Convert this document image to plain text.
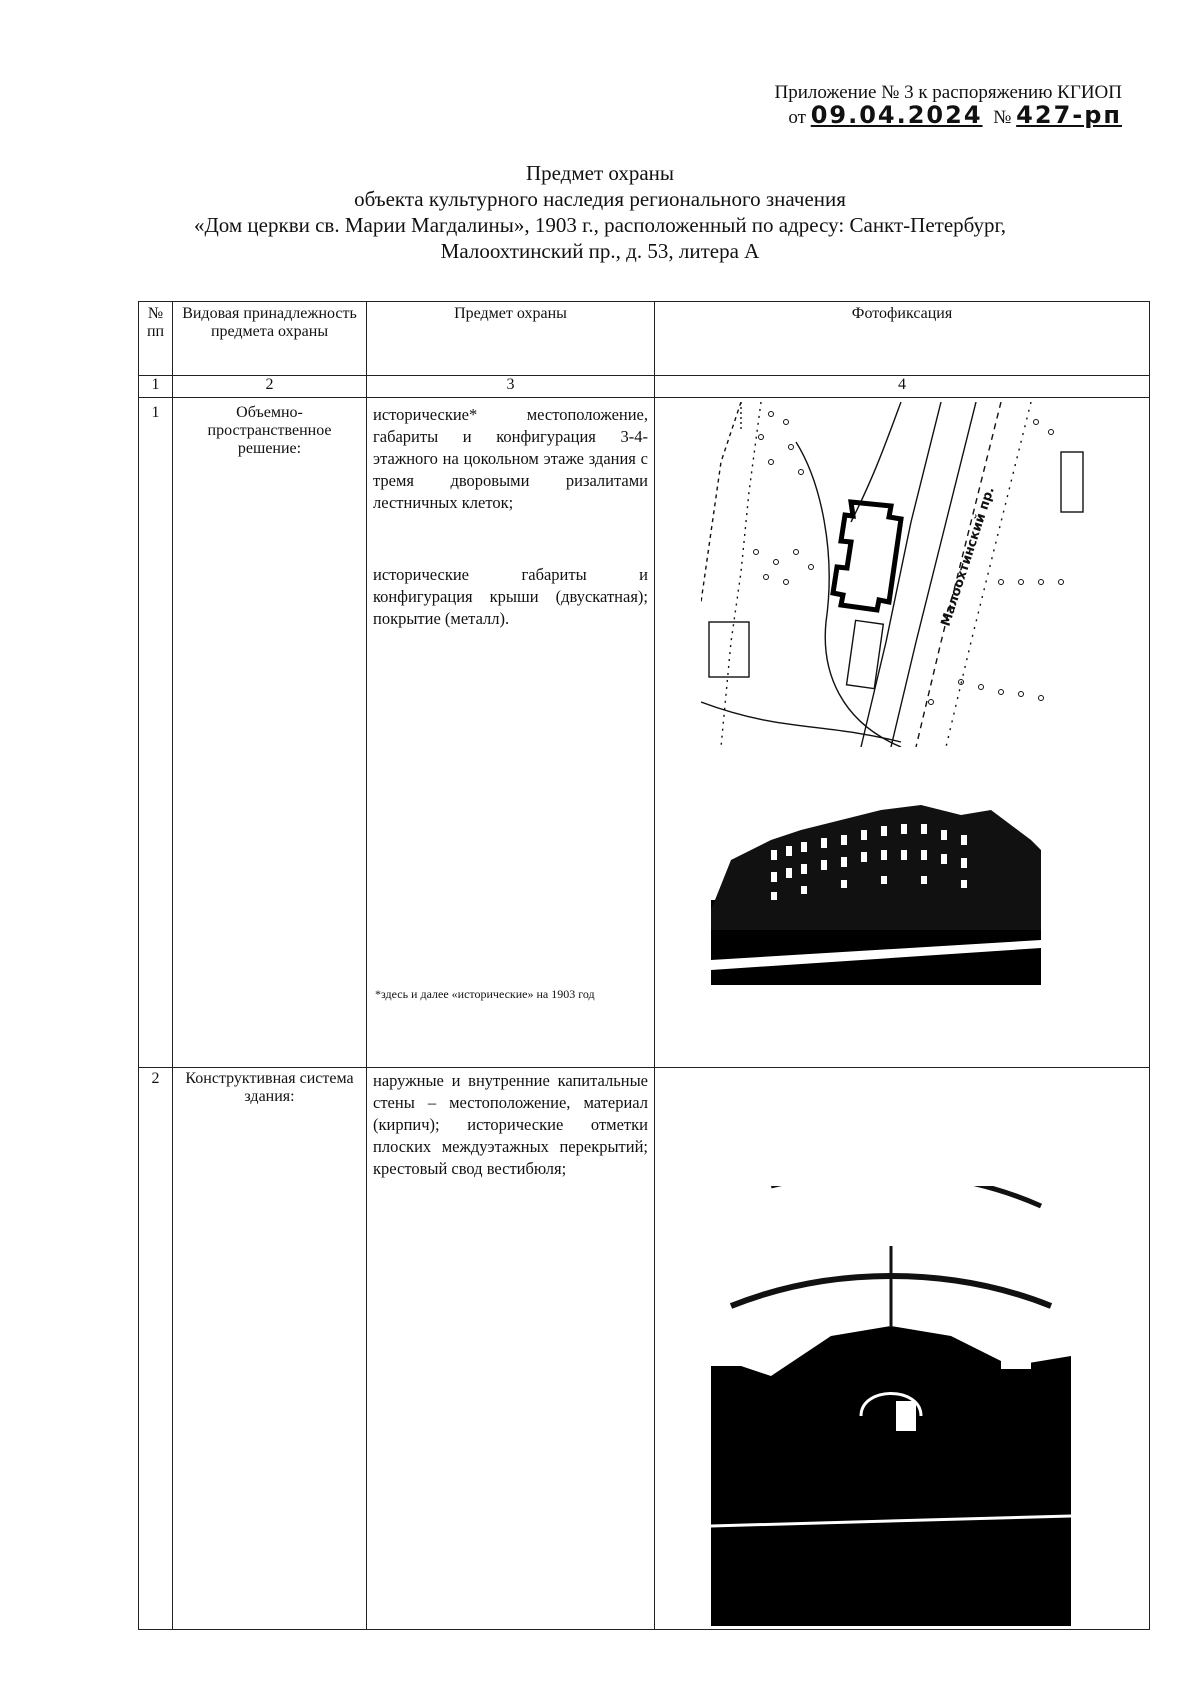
Приложение № 3 к распоряжению КГИОП
от 09.04.2024 № 427-рп
Предмет охраны
объекта культурного наследия регионального значения
«Дом церкви св. Марии Магдалины», 1903 г., расположенный по адресу: Санкт-Петербург,
Малоохтинский пр., д. 53, литера А
№ пп	Видовая принадлежность предмета охраны	Предмет охраны	Фотофиксация
1	2	3	4
1	Объемно-пространственное решение:	исторические* местоположение, габариты и конфигурация 3-4-этажного на цокольном этаже здания с тремя дворовыми ризалитами лестничных клеток;
исторические габариты и конфигурация крыши (двускатная); покрытие (металл).
*здесь и далее «исторические» на 1903 год	Малоохтинский пр.

2	Конструктивная система здания:	наружные и внутренние капитальные стены – местоположение, материал (кирпич); исторические отметки плоских междуэтажных перекрытий; крестовый свод вестибюля;
